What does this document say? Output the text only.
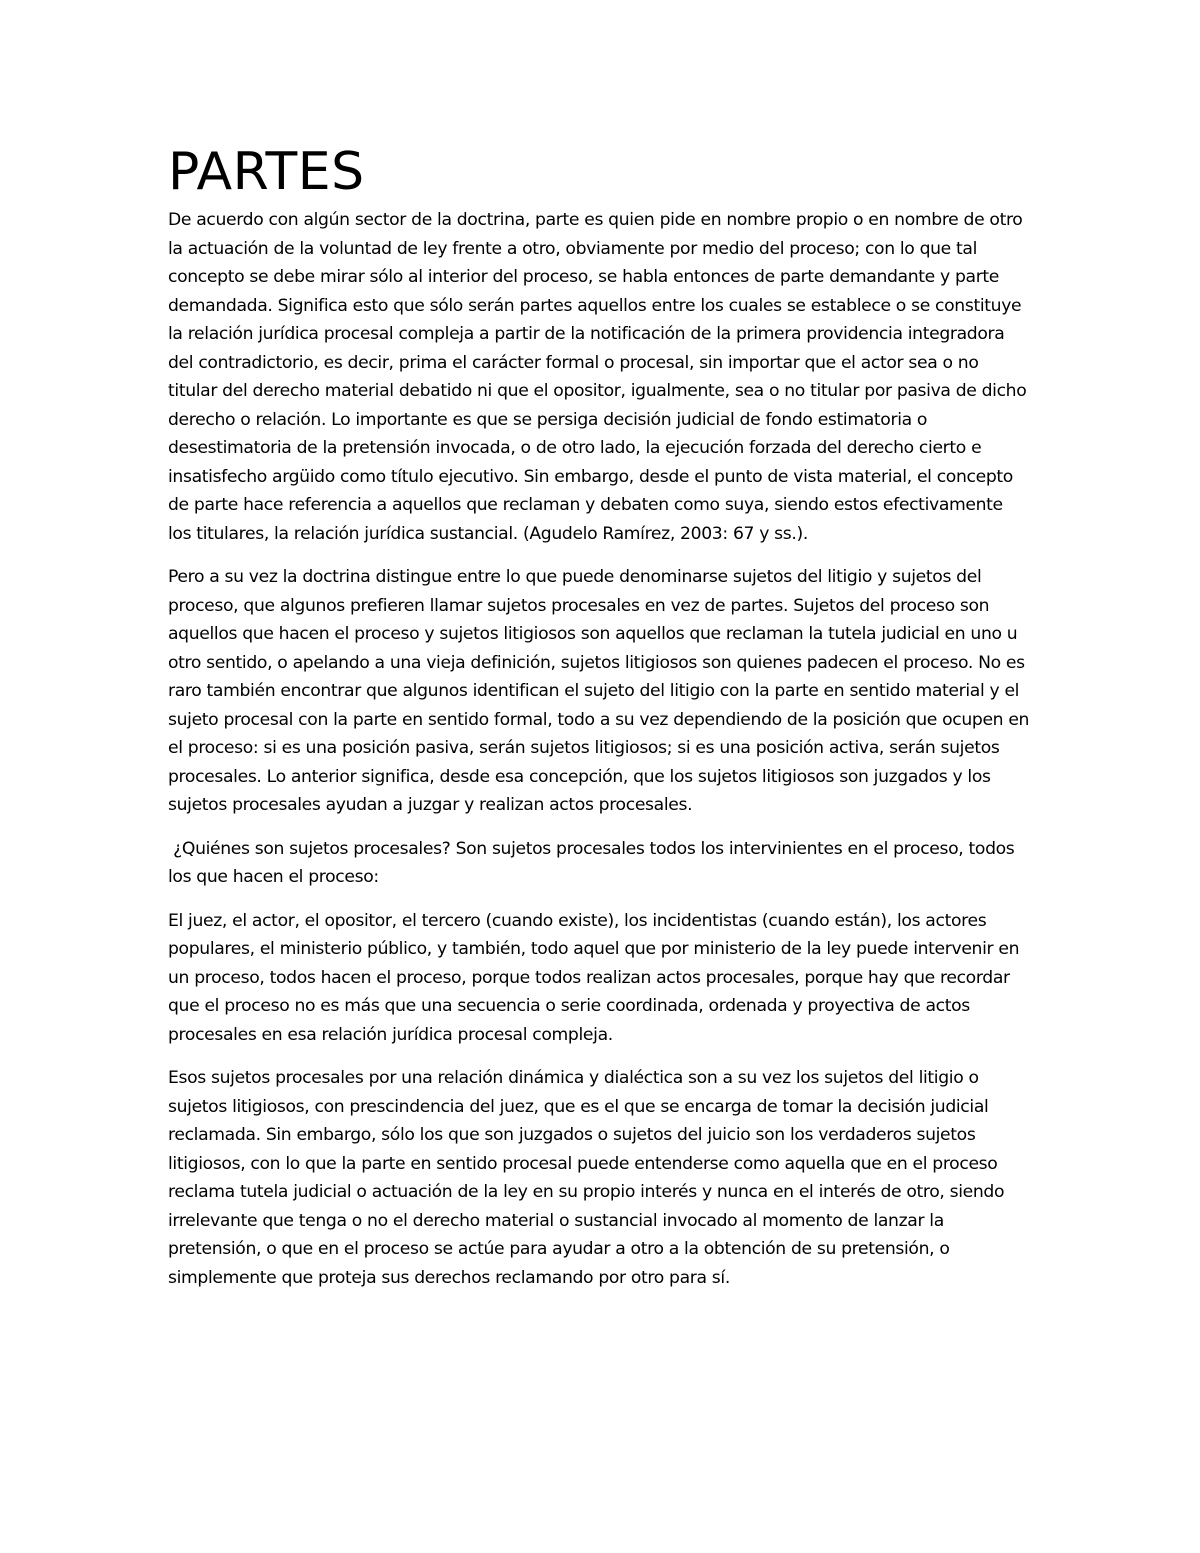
PARTES

De acuerdo con algún sector de la doctrina, parte es quien pide en nombre propio o en nombre de otro la actuación de la voluntad de ley frente a otro, obviamente por medio del proceso; con lo que tal concepto se debe mirar sólo al interior del proceso, se habla entonces de parte demandante y parte demandada. Significa esto que sólo serán partes aquellos entre los cuales se establece o se constituye la relación jurídica procesal compleja a partir de la notificación de la primera providencia integradora del contradictorio, es decir, prima el carácter formal o procesal, sin importar que el actor sea o no titular del derecho material debatido ni que el opositor, igualmente, sea o no titular por pasiva de dicho derecho o relación. Lo importante es que se persiga decisión judicial de fondo estimatoria o desestimatoria de la pretensión invocada, o de otro lado, la ejecución forzada del derecho cierto e insatisfecho argüido como título ejecutivo. Sin embargo, desde el punto de vista material, el concepto de parte hace referencia a aquellos que reclaman y debaten como suya, siendo estos efectivamente los titulares, la relación jurídica sustancial. (Agudelo Ramírez, 2003: 67 y ss.).

Pero a su vez la doctrina distingue entre lo que puede denominarse sujetos del litigio y sujetos del proceso, que algunos prefieren llamar sujetos procesales en vez de partes. Sujetos del proceso son aquellos que hacen el proceso y sujetos litigiosos son aquellos que reclaman la tutela judicial en uno u otro sentido, o apelando a una vieja definición, sujetos litigiosos son quienes padecen el proceso. No es raro también encontrar que algunos identifican el sujeto del litigio con la parte en sentido material y el sujeto procesal con la parte en sentido formal, todo a su vez dependiendo de la posición que ocupen en el proceso: si es una posición pasiva, serán sujetos litigiosos; si es una posición activa, serán sujetos procesales. Lo anterior significa, desde esa concepción, que los sujetos litigiosos son juzgados y los sujetos procesales ayudan a juzgar y realizan actos procesales.

¿Quiénes son sujetos procesales? Son sujetos procesales todos los intervinientes en el proceso, todos los que hacen el proceso:

El juez, el actor, el opositor, el tercero (cuando existe), los incidentistas (cuando están), los actores populares, el ministerio público, y también, todo aquel que por ministerio de la ley puede intervenir en un proceso, todos hacen el proceso, porque todos realizan actos procesales, porque hay que recordar que el proceso no es más que una secuencia o serie coordinada, ordenada y proyectiva de actos procesales en esa relación jurídica procesal compleja.

Esos sujetos procesales por una relación dinámica y dialéctica son a su vez los sujetos del litigio o sujetos litigiosos, con prescindencia del juez, que es el que se encarga de tomar la decisión judicial reclamada. Sin embargo, sólo los que son juzgados o sujetos del juicio son los verdaderos sujetos litigiosos, con lo que la parte en sentido procesal puede entenderse como aquella que en el proceso reclama tutela judicial o actuación de la ley en su propio interés y nunca en el interés de otro, siendo irrelevante que tenga o no el derecho material o sustancial invocado al momento de lanzar la pretensión, o que en el proceso se actúe para ayudar a otro a la obtención de su pretensión, o simplemente que proteja sus derechos reclamando por otro para sí.
